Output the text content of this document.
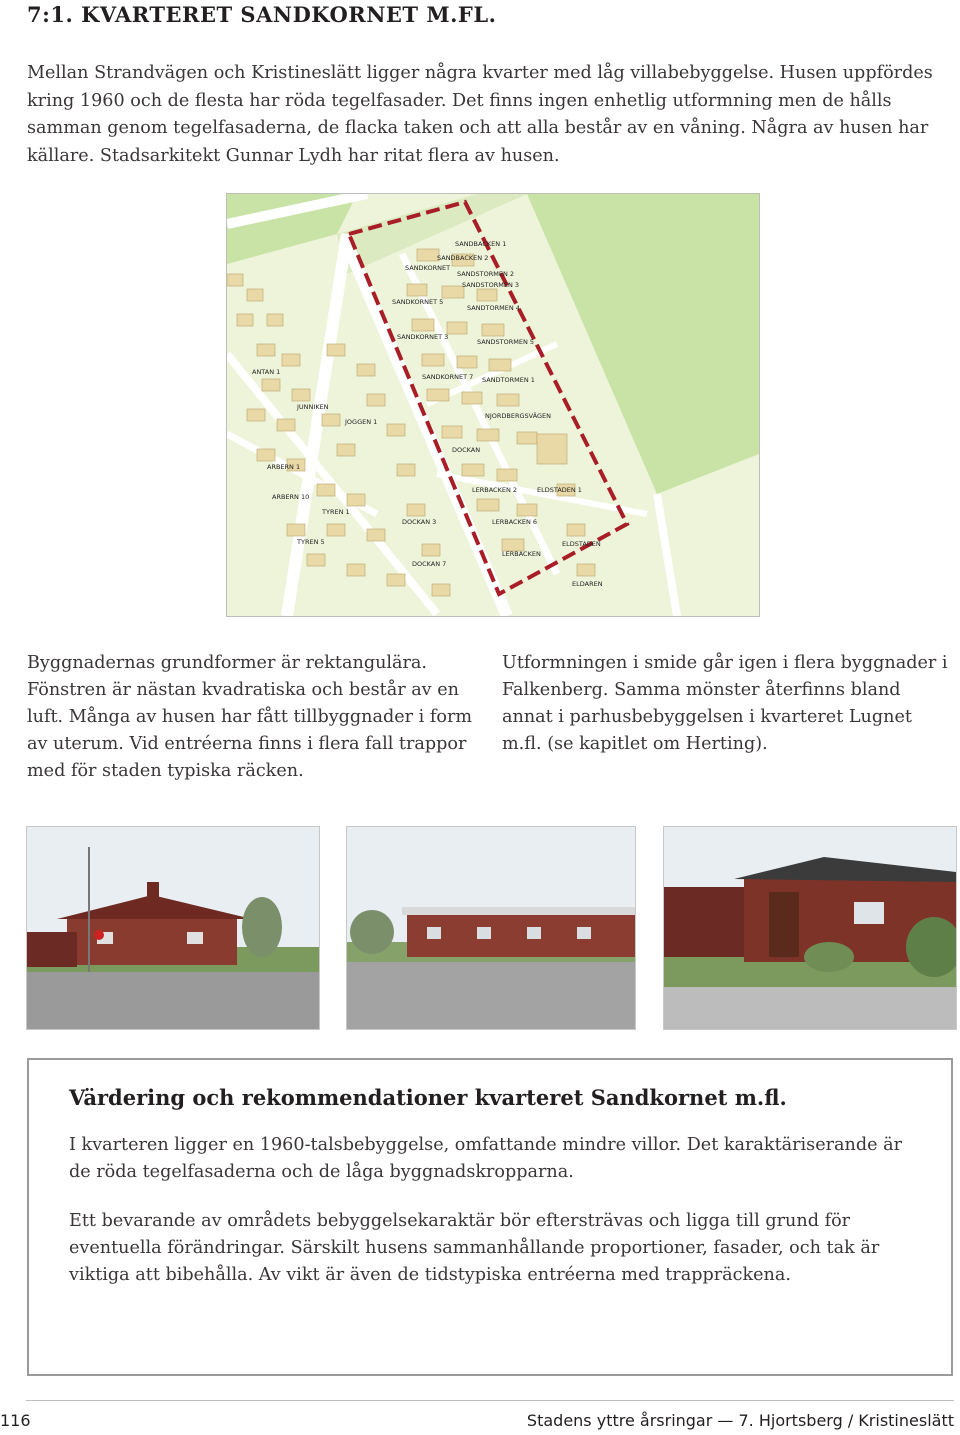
7:1. KVARTERET SANDKORNET M.FL.

Mellan Strandvägen och Kristineslätt ligger några kvarter med låg villabebyggelse. Husen uppfördes kring 1960 och de flesta har röda tegelfasader. Det finns ingen enhetlig utformning men de hålls samman genom tegelfasaderna, de flacka taken och att alla består av en våning. Några av husen har källare. Stadsarkitekt Gunnar Lydh har ritat flera av husen.

SANDBACKEN 1
SANDBACKEN 2
SANDKORNET
SANDSTORMEN 2
SANDSTORMEN 3
SANDKORNET 5
SANDTORMEN 4
SANDKORNET 3
SANDSTORMEN 5
SANDKORNET 7 SANDTORMEN 1
NJORDBERGSVÄGEN
DOCKAN
LERBACKEN 2	ELDSTADEN 1
LERBACKEN 6
LERBACKEN
ELDSTADEN
ELDAREN
DOCKAN 3
DOCKAN 7
TYREN 1
TYREN 5
JOGGEN 1
ANTAN 1
JUNNIKEN
ARBERN 1
ARBERN 10

Byggnadernas grundformer är rektangulära. Fönstren är nästan kvadratiska och består av en luft. Många av husen har fått tillbyggnader i form av uterum. Vid entréerna finns i flera fall trappor med för staden typiska räcken.

Utformningen i smide går igen i flera byggnader i Falkenberg. Samma mönster återfinns bland annat i parhusbebyggelsen i kvarteret Lugnet m.fl. (se kapitlet om Herting).

Värdering och rekommendationer kvarteret Sandkornet m.fl.

I kvarteren ligger en 1960-talsbebyggelse, omfattande mindre villor. Det karaktäriserande är de röda tegelfasaderna och de låga byggnadskropparna.

Ett bevarande av områdets bebyggelsekaraktär bör eftersträvas och ligga till grund för eventuella förändringar. Särskilt husens sammanhållande proportioner, fasader, och tak är viktiga att bibehålla. Av vikt är även de tidstypiska entréerna med trappräckena.

116	Stadens yttre årsringar — 7. Hjortsberg / Kristineslätt
